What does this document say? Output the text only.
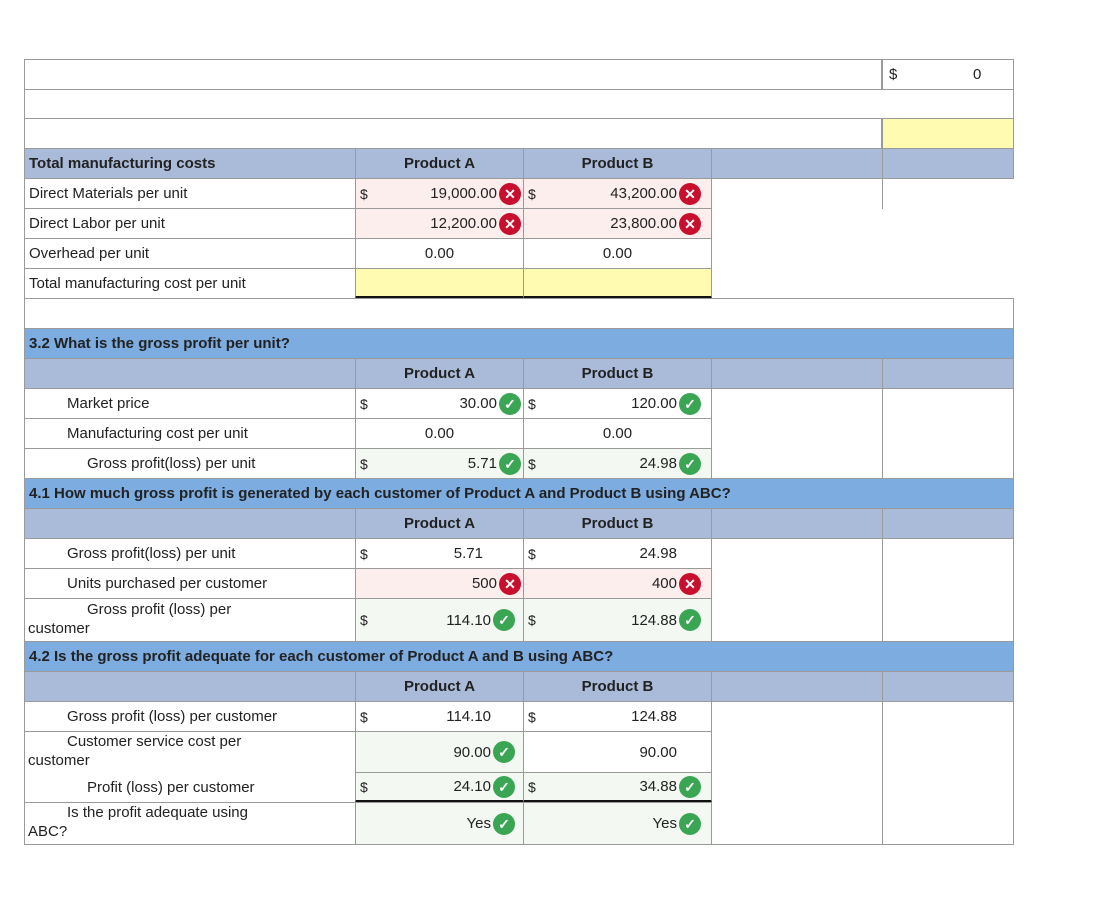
$	0
Total manufacturing costs	Product A	Product B
Direct Materials per unit	$	19,000.00 ✕ $	43,200.00 ✕
Direct Labor per unit	12,200.00 ✕	23,800.00 ✕
Overhead per unit	0.00	0.00
Total manufacturing cost per unit
3.2 What is the gross profit per unit?
Product A	Product B
Market price	$	30.00 ✓ $	120.00 ✓
Manufacturing cost per unit	0.00	0.00
Gross profit(loss) per unit	$	5.71 ✓ $	24.98 ✓
4.1 How much gross profit is generated by each customer of Product A and Product B using ABC?
Product A	Product B
Gross profit(loss) per unit	$	5.71	$	24.98
Units purchased per customer	500 ✕	400 ✕
Gross profit (loss) per
customer	$	114.10 ✓	$	124.88 ✓
4.2 Is the gross profit adequate for each customer of Product A and B using ABC?
Product A	Product B
Gross profit (loss) per customer	$	114.10	$	124.88
Customer service cost per
customer	90.00 ✓	90.00
Profit (loss) per customer	$	24.10 ✓	$	34.88 ✓
Is the profit adequate using
ABC?	Yes ✓	Yes ✓
